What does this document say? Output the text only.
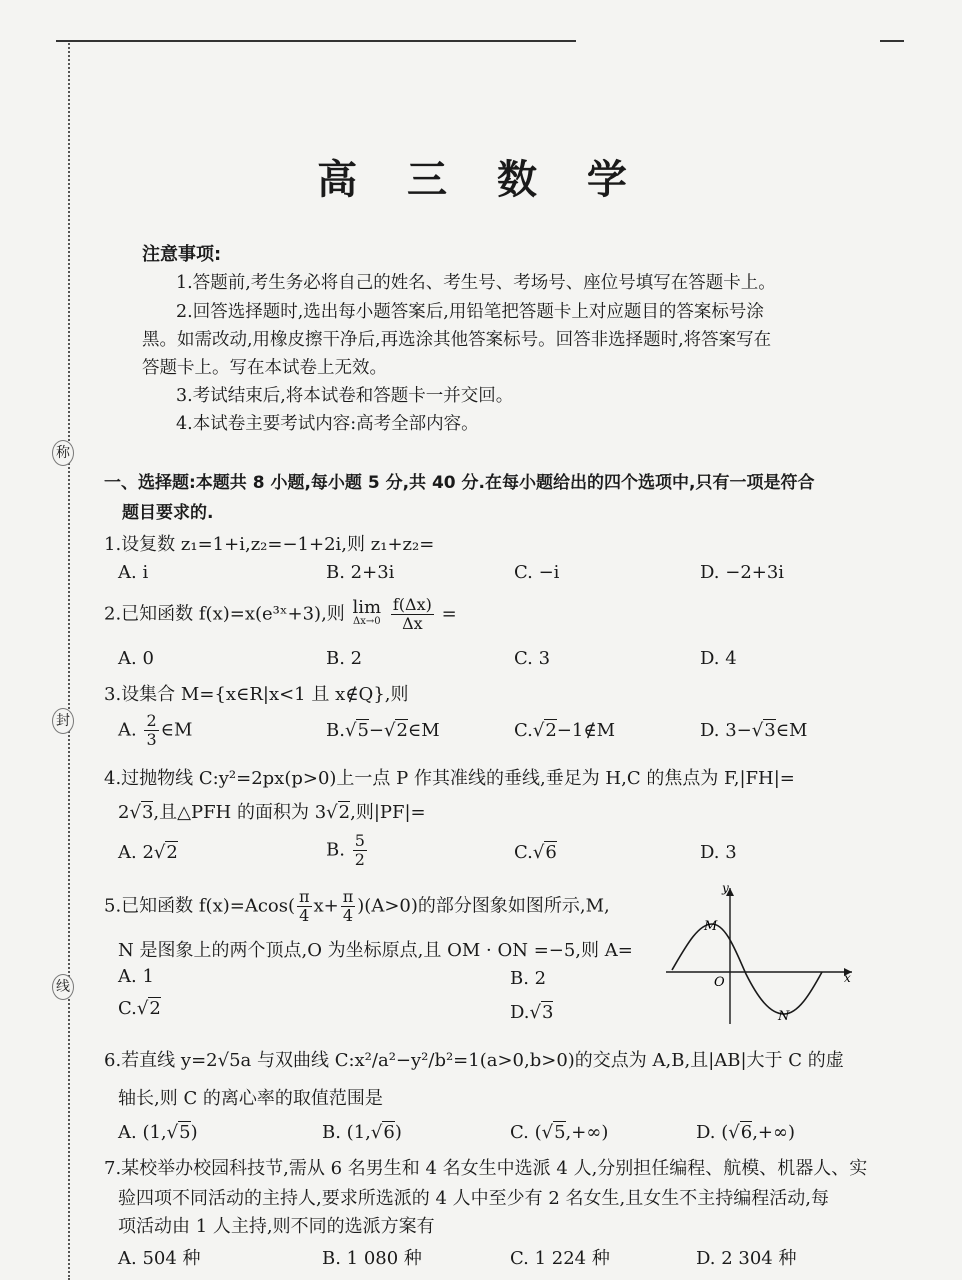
称
封
线
高 三 数 学
注意事项:
1.答题前,考生务必将自己的姓名、考生号、考场号、座位号填写在答题卡上。
2.回答选择题时,选出每小题答案后,用铅笔把答题卡上对应题目的答案标号涂
黑。如需改动,用橡皮擦干净后,再选涂其他答案标号。回答非选择题时,将答案写在
答题卡上。写在本试卷上无效。
3.考试结束后,将本试卷和答题卡一并交回。
4.本试卷主要考试内容:高考全部内容。
一、选择题:本题共 8 小题,每小题 5 分,共 40 分.在每小题给出的四个选项中,只有一项是符合
题目要求的.
1.设复数 z₁=1+i,z₂=−1+2i,则 z₁+z₂=
A. i	B. 2+3i	C. −i	D. −2+3i
2.已知函数 f(x)=x(e³ˣ+3),则 lim
Δx→0
$\frac{f(\Delta x)}{\Delta x}$ =
A. 0	B. 2	C. 3	D. 4
3.设集合 M={x∈R|x<1 且 x∉Q},则
A. $\frac{2}{3}$ ∈M	B.√5−√2∈M	C.√2−1∉M	D. 3−√3∈M
4.过抛物线 C:y²=2px(p>0)上一点 P 作其准线的垂线,垂足为 H,C 的焦点为 F,|FH|=
2√3,且△PFH 的面积为 3√2,则|PF|=
A. 2√2	B. $\frac{5}{2}$	C.√6	D. 3
5.已知函数 $f(x)=Acos( \frac{\pi}{4} x+ \frac{\pi}{4} )(A>0)$的部分图象如图所示,M,
N 是图象上的两个顶点,O 为坐标原点,且 OM · ON =−5,则 A=
A. 1	B. 2
C.√2	D.√3
y
x
O
M
N
6.若直线 y=2√5a 与双曲线 C:x²/a²−y²/b²=1(a>0,b>0)的交点为 A,B,且|AB|大于 C 的虚
轴长,则 C 的离心率的取值范围是
A. (1,√5)	B. (1,√6)	C. (√5,+∞)	D. (√6,+∞)
7.某校举办校园科技节,需从 6 名男生和 4 名女生中选派 4 人,分别担任编程、航模、机器人、实
验四项不同活动的主持人,要求所选派的 4 人中至少有 2 名女生,且女生不主持编程活动,每
项活动由 1 人主持,则不同的选派方案有
A. 504 种	B. 1 080 种	C. 1 224 种	D. 2 304 种
